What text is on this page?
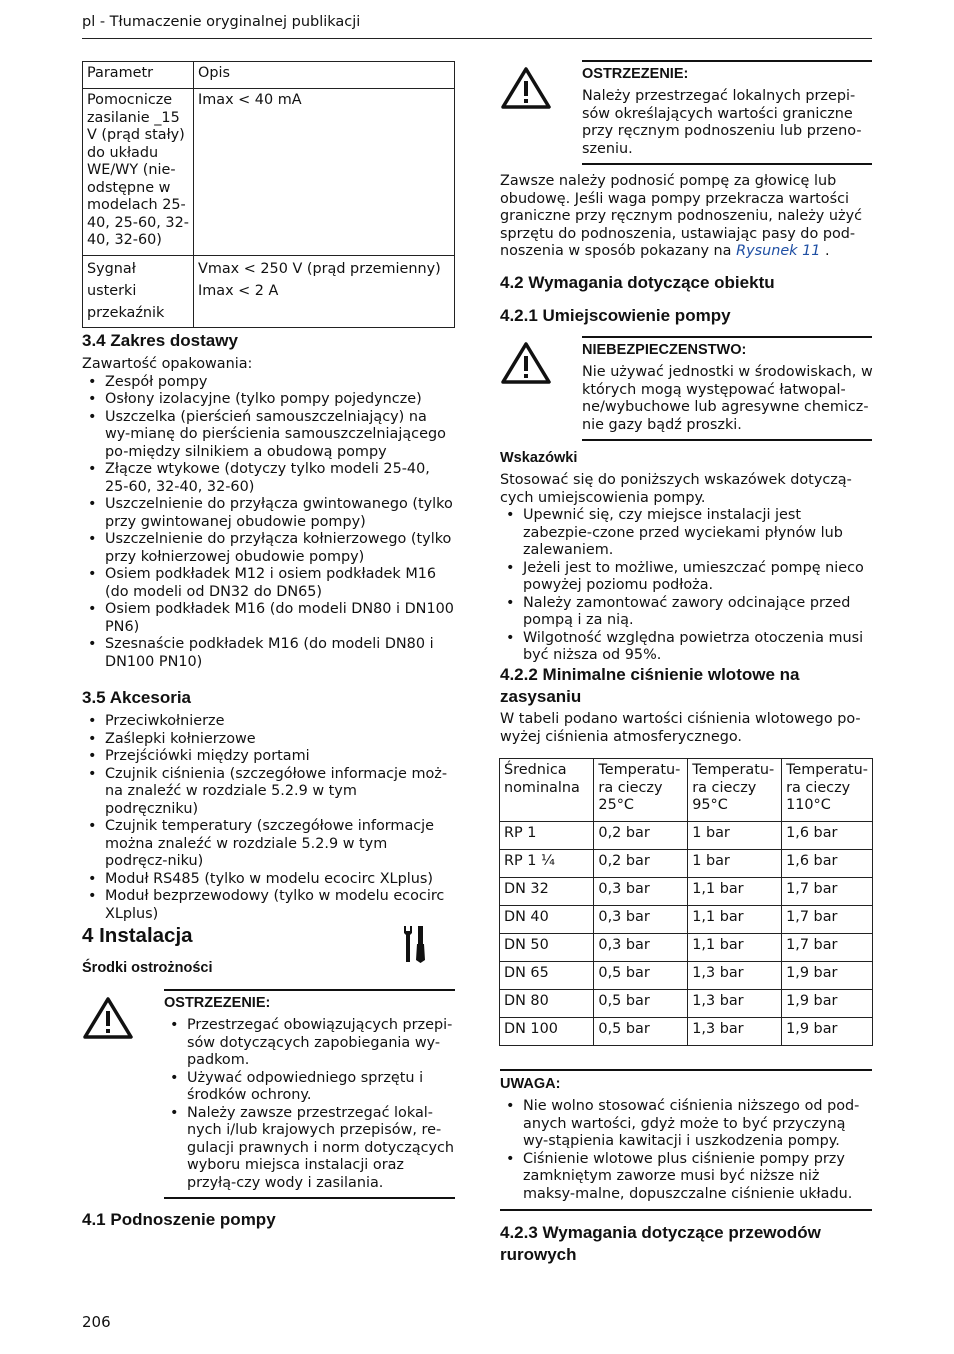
pl - Tłumaczenie oryginalnej publikacji
Parametr	Opis
Pomocnicze zasilanie _15 V (prąd stały) do układu WE/WY (nie-odstępne w modelach 25-40, 25-60, 32-40, 32-60)	Imax < 40 mA
Sygnał usterki przekaźnik	Vmax < 250 V (prąd przemienny)
Imax < 2 A
3.4 Zakres dostawy

Zawartość opakowania:

• Zespół pompy
• Osłony izolacyjne (tylko pompy pojedyncze)
• Uszczelka (pierścień samouszczelniający) na wy-mianę do pierścienia samouszczelniającego po-między silnikiem a obudową pompy
• Złącze wtykowe (dotyczy tylko modeli 25-40, 25-60, 32-40, 32-60)
• Uszczelnienie do przyłącza gwintowanego (tylko przy gwintowanej obudowie pompy)
• Uszczelnienie do przyłącza kołnierzowego (tylko przy kołnierzowej obudowie pompy)
• Osiem podkładek M12 i osiem podkładek M16 (do modeli od DN32 do DN65)
• Osiem podkładek M16 (do modeli DN80 i DN100 PN6)
• Szesnaście podkładek M16 (do modeli DN80 i DN100 PN10)
3.5 Akcesoria
• Przeciwkołnierze
• Zaślepki kołnierzowe
• Przejściówki między portami
• Czujnik ciśnienia (szczegółowe informacje moż-na znaleźć w rozdziale 5.2.9 w tym podręczniku)
• Czujnik temperatury (szczegółowe informacje można znaleźć w rozdziale 5.2.9 w tym podręcz-niku)
• Moduł RS485 (tylko w modelu ecocirc XLplus)
• Moduł bezprzewodowy (tylko w modelu ecocirc XLplus)
4 Instalacja
Środki ostrożności
OSTRZEZENIE:
• Przestrzegać obowiązujących przepi-sów dotyczących zapobiegania wy-padkom.
• Używać odpowiedniego sprzętu i środków ochrony.
• Należy zawsze przestrzegać lokal-nych i/lub krajowych przepisów, re-gulacji prawnych i norm dotyczących wyboru miejsca instalacji oraz przyłą-czy wody i zasilania.
4.1 Podnoszenie pompy
206
OSTRZEZENIE:

Należy przestrzegać lokalnych przepi-sów określających wartości graniczne przy ręcznym podnoszeniu lub przeno-szeniu.

Zawsze należy podnosić pompę za głowicę lub obudowę. Jeśli waga pompy przekracza wartości graniczne przy ręcznym podnoszeniu, należy użyć sprzętu do podnoszenia, ustawiając pasy do pod-noszenia w sposób pokazany na Rysunek 11 .

4.2 Wymagania dotyczące obiektu
4.2.1 Umiejscowienie pompy
NIEBEZPIECZENSTWO:

Nie używać jednostki w środowiskach, w których mogą występować łatwopal-ne/wybuchowe lub agresywne chemicz-nie gazy bądź proszki.

Wskazówki

Stosować się do poniższych wskazówek dotyczą-cych umiejscowienia pompy.

• Upewnić się, czy miejsce instalacji jest zabezpie-czone przed wyciekami płynów lub zalewaniem.
• Jeżeli jest to możliwe, umieszczać pompę nieco powyżej poziomu podłoża.
• Należy zamontować zawory odcinające przed pompą i za nią.
• Wilgotność względna powietrza otoczenia musi być niższa od 95%.
4.2.2 Minimalne ciśnienie wlotowe na zasysaniu

W tabeli podano wartości ciśnienia wlotowego po-wyżej ciśnienia atmosferycznego.

Średnica nominalna	Temperatu-ra cieczy 25°C	Temperatu-ra cieczy 95°C	Temperatu-ra cieczy 110°C
RP 1	0,2 bar	1 bar	1,6 bar
RP 1 ¼	0,2 bar	1 bar	1,6 bar
DN 32	0,3 bar	1,1 bar	1,7 bar
DN 40	0,3 bar	1,1 bar	1,7 bar
DN 50	0,3 bar	1,1 bar	1,7 bar
DN 65	0,5 bar	1,3 bar	1,9 bar
DN 80	0,5 bar	1,3 bar	1,9 bar
DN 100	0,5 bar	1,3 bar	1,9 bar
UWAGA:
• Nie wolno stosować ciśnienia niższego od pod-anych wartości, gdyż może to być przyczyną wy-stąpienia kawitacji i uszkodzenia pompy.
• Ciśnienie wlotowe plus ciśnienie pompy przy zamkniętym zaworze musi być niższe niż maksy-malne, dopuszczalne ciśnienie układu.
4.2.3 Wymagania dotyczące przewodów rurowych
